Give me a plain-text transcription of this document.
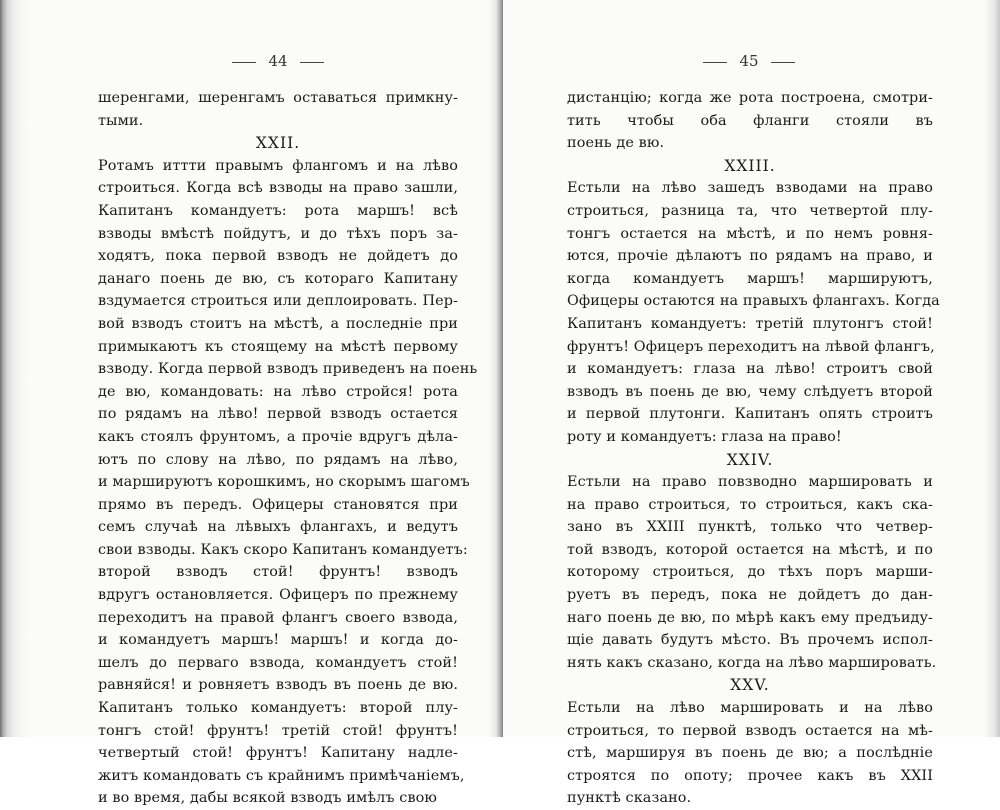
44
шеренгами, шеренгамъ оставаться примкну-
тыми.
XXII.
Ротамъ иттти правымъ флангомъ и на лѣво
строиться. Когда всѣ взводы на право зашли,
Капитанъ командуетъ: рота маршъ! всѣ
взводы вмѣстѣ пойдутъ, и до тѣхъ поръ за-
ходятъ, пока первой взводъ не дойдетъ до
данаго поень де вю, съ котораго Капитану
вздумается строиться или деплоировать. Пер-
вой взводъ стоитъ на мѣстѣ, а последніе при
примыкаютъ къ стоящему на мѣстѣ первому
взводу. Когда первой взводъ приведенъ на поень
де вю, командовать: на лѣво стройся! рота
по рядамъ на лѣво! первой взводъ остается
какъ стоялъ фрунтомъ, а прочіе вдругъ дѣла-
ютъ по слову на лѣво, по рядамъ на лѣво,
и маршируютъ корошкимъ, но скорымъ шагомъ
прямо въ передъ. Офицеры становятся при
семъ случаѣ на лѣвыхъ флангахъ, и ведутъ
свои взводы. Какъ скоро Капитанъ командуетъ:
второй взводъ стой! фрунтъ! взводъ
вдругъ остановляется. Офицеръ по прежнему
переходитъ на правой флангъ своего взвода,
и командуетъ маршъ! маршъ! и когда до-
шелъ до перваго взвода, командуетъ стой!
равняйся! и ровняетъ взводъ въ поень де вю.
Капитанъ только командуетъ: второй плу-
тонгъ стой! фрунтъ! третій стой! фрунтъ!
четвертый стой! фрунтъ! Капитану надле-
житъ командовать съ крайнимъ примѣчаніемъ,
и во время, дабы всякой взводъ имѣлъ свою
45
дистанцію; когда же рота построена, смотри-
тить чтобы оба фланги стояли въ
поень де вю.
XXIII.
Естьли на лѣво зашедъ взводами на право
строиться, разница та, что четвертой плу-
тонгъ остается на мѣстѣ, и по немъ ровня-
ются, прочіе дѣлаютъ по рядамъ на право, и
когда командуетъ маршъ! маршируютъ,
Офицеры остаются на правыхъ флангахъ. Когда
Капитанъ командуетъ: третій плутонгъ стой!
фрунтъ! Офицеръ переходитъ на лѣвой флангъ,
и командуетъ: глаза на лѣво! строитъ свой
взводъ въ поень де вю, чему слѣдуетъ вторoй
и первой плутонги. Капитанъ опять строитъ
роту и командуетъ: глаза на право!
XXIV.
Естьли на право повзводно маршировать и
на право строиться, то строиться, какъ ска-
зано въ XXIII пунктѣ, только что четвер-
той взводъ, которой остается на мѣстѣ, и по
которому строиться, до тѣхъ поръ марши-
руетъ въ передъ, пока не дойдетъ до дан-
наго поень де вю, по мѣрѣ какъ ему предъиду-
щіе давать будутъ мѣсто. Въ прочемъ испол-
нять какъ сказано, когда на лѣво маршировать.
XXV.
Естьли на лѣво маршировать и на лѣво
строиться, то первой взводъ остается на мѣ-
стѣ, маршируя въ поень де вю; а послѣдніе
строятся по опоту; прочее какъ въ XXII
пунктѣ сказано.
